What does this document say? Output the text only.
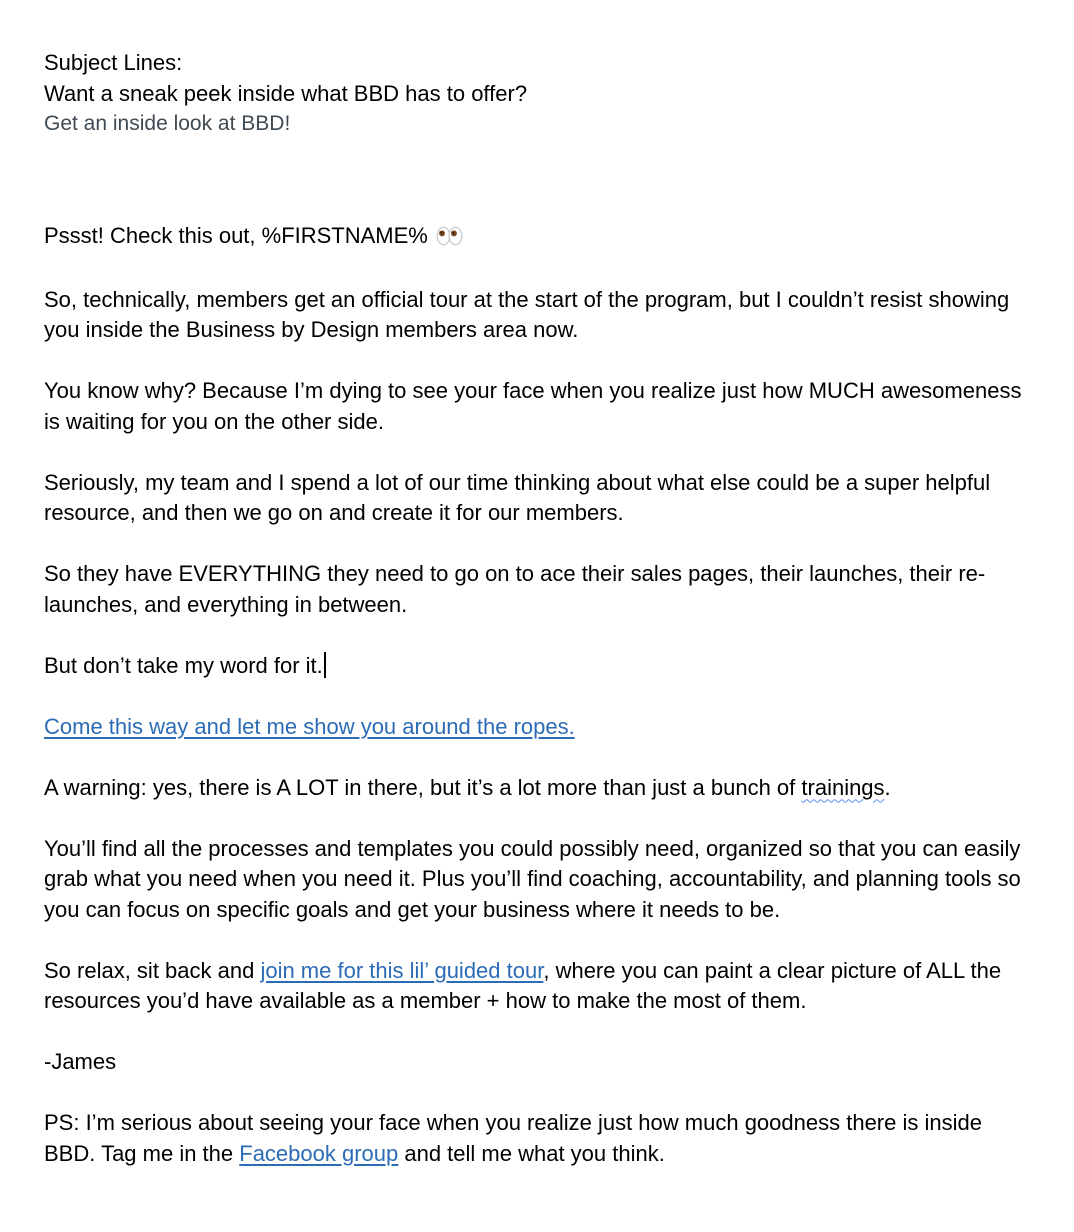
Subject Lines:
Want a sneak peek inside what BBD has to offer?
Get an inside look at BBD!

Pssst! Check this out, %FIRSTNAME%

So, technically, members get an official tour at the start of the program, but I couldn’t resist showing you inside the Business by Design members area now.

You know why? Because I’m dying to see your face when you realize just how MUCH awesomeness is waiting for you on the other side.

Seriously, my team and I spend a lot of our time thinking about what else could be a super helpful resource, and then we go on and create it for our members.

So they have EVERYTHING they need to go on to ace their sales pages, their launches, their re-launches, and everything in between.

But don’t take my word for it.

Come this way and let me show you around the ropes.

A warning: yes, there is A LOT in there, but it’s a lot more than just a bunch of trainings.

You’ll find all the processes and templates you could possibly need, organized so that you can easily grab what you need when you need it. Plus you’ll find coaching, accountability, and planning tools so you can focus on specific goals and get your business where it needs to be.

So relax, sit back and join me for this lil’ guided tour, where you can paint a clear picture of ALL the resources you’d have available as a member + how to make the most of them.

-James

PS: I’m serious about seeing your face when you realize just how much goodness there is inside BBD. Tag me in the Facebook group and tell me what you think.
